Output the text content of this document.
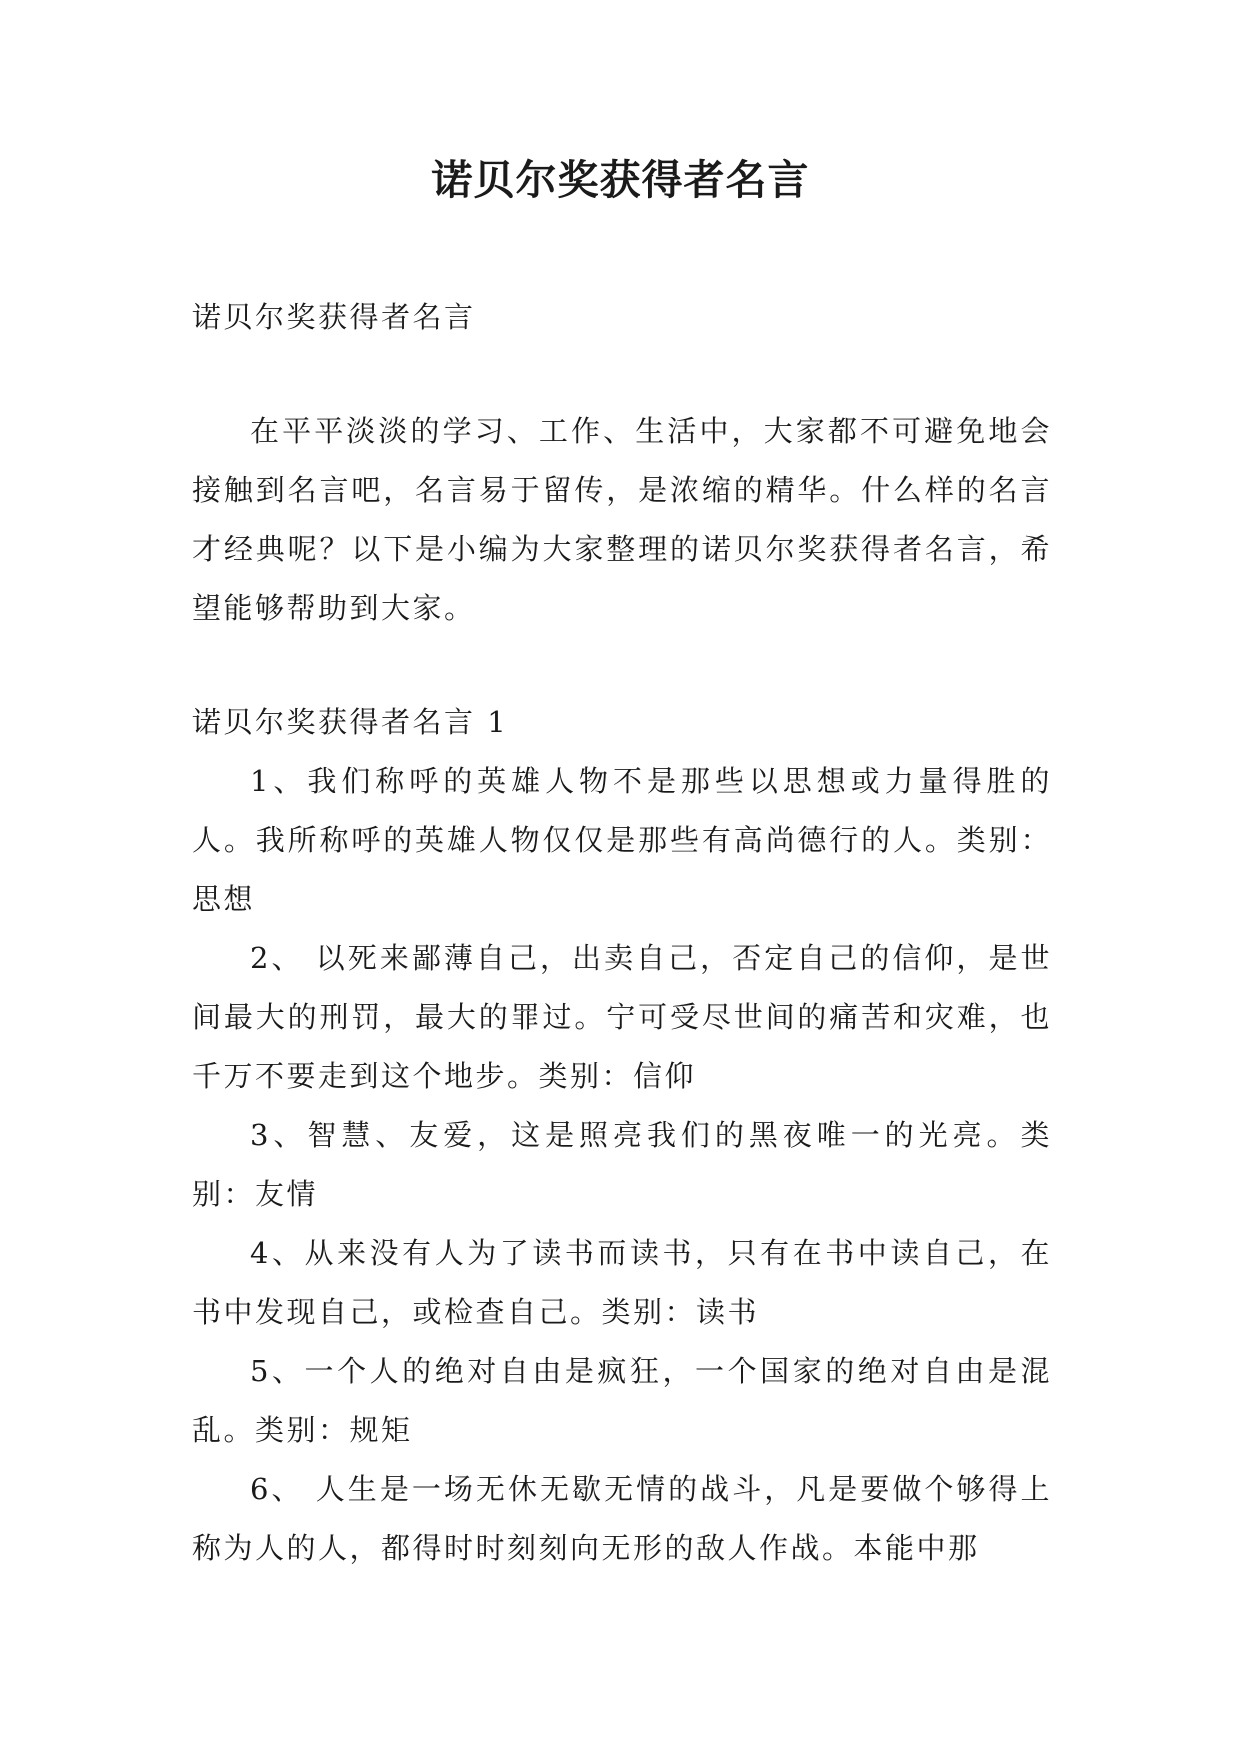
诺贝尔奖获得者名言

诺贝尔奖获得者名言

在平平淡淡的学习、工作、生活中，大家都不可避免地会接触到名言吧，名言易于留传，是浓缩的精华。什么样的名言才经典呢？以下是小编为大家整理的诺贝尔奖获得者名言，希望能够帮助到大家。

诺贝尔奖获得者名言 1

1、我们称呼的英雄人物不是那些以思想或力量得胜的人。我所称呼的英雄人物仅仅是那些有高尚德行的人。类别：思想

2、 以死来鄙薄自己，出卖自己，否定自己的信仰，是世间最大的刑罚，最大的罪过。宁可受尽世间的痛苦和灾难，也千万不要走到这个地步。类别：信仰

3、智慧、友爱，这是照亮我们的黑夜唯一的光亮。类别：友情

4、从来没有人为了读书而读书，只有在书中读自己，在书中发现自己，或检查自己。类别：读书

5、一个人的绝对自由是疯狂，一个国家的绝对自由是混乱。类别：规矩

6、 人生是一场无休无歇无情的战斗，凡是要做个够得上称为人的人，都得时时刻刻向无形的敌人作战。本能中那
